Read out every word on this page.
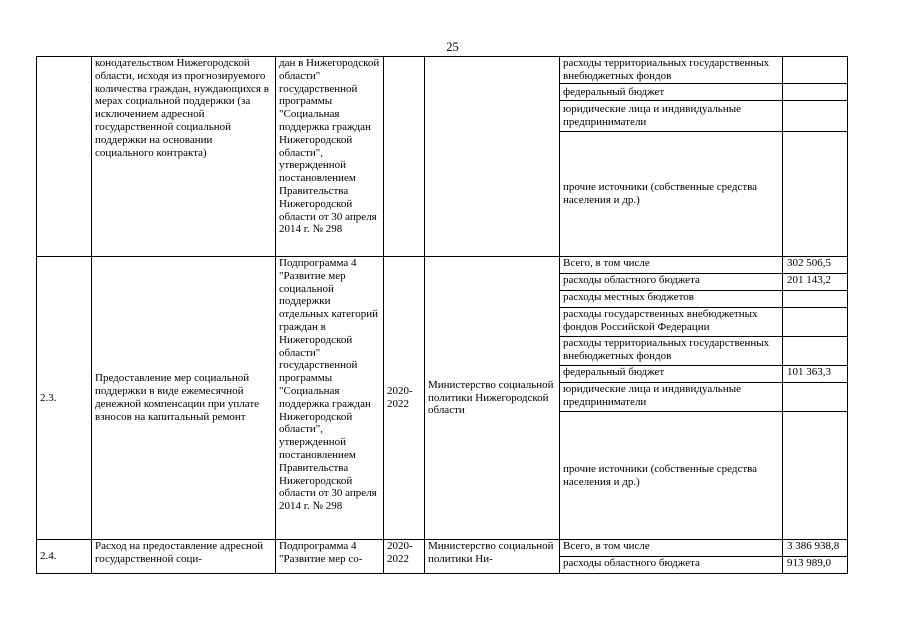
25
	конодательством Нижегородской области, исходя из прогнозируемого количества граждан, нуждающихся в мерах социальной поддержки (за исключением адресной государственной социальной поддержки на основании социального контракта)	дан в Нижегородской области" государственной программы "Социальная поддержка граждан Нижегородской области", утвержденной постановлением Правительства Нижегородской области от 30 апреля 2014 г. № 298			расходы территориальных государственных внебюджетных фондов	
					федеральный бюджет	
					юридические лица и индивидуальные предприниматели	
					прочие источники (собственные средства населения и др.)	
2.3.	Предоставление мер социальной поддержки в виде ежемесячной денежной компенсации при уплате взносов на капитальный ремонт	Подпрограмма 4 "Развитие мер социальной поддержки отдельных категорий граждан в Нижегородской области" государственной программы "Социальная поддержка граждан Нижегородской области", утвержденной постановлением Правительства Нижегородской области от 30 апреля 2014 г. № 298	2020-2022	Министерство социальной политики Нижегородской области	Всего, в том числе	302 506,5
					расходы областного бюджета	201 143,2
					расходы местных бюджетов	
					расходы государственных внебюджетных фондов Российской Федерации	
					расходы территориальных государственных внебюджетных фондов	
					федеральный бюджет	101 363,3
					юридические лица и индивидуальные предприниматели	
					прочие источники (собственные средства населения и др.)	
2.4.	Расход на предоставление адресной государственной соци-	Подпрограмма 4 "Развитие мер со-	2020-2022	Министерство социальной политики Ни-	Всего, в том числе	3 386 938,8
					расходы областного бюджета	913 989,0
